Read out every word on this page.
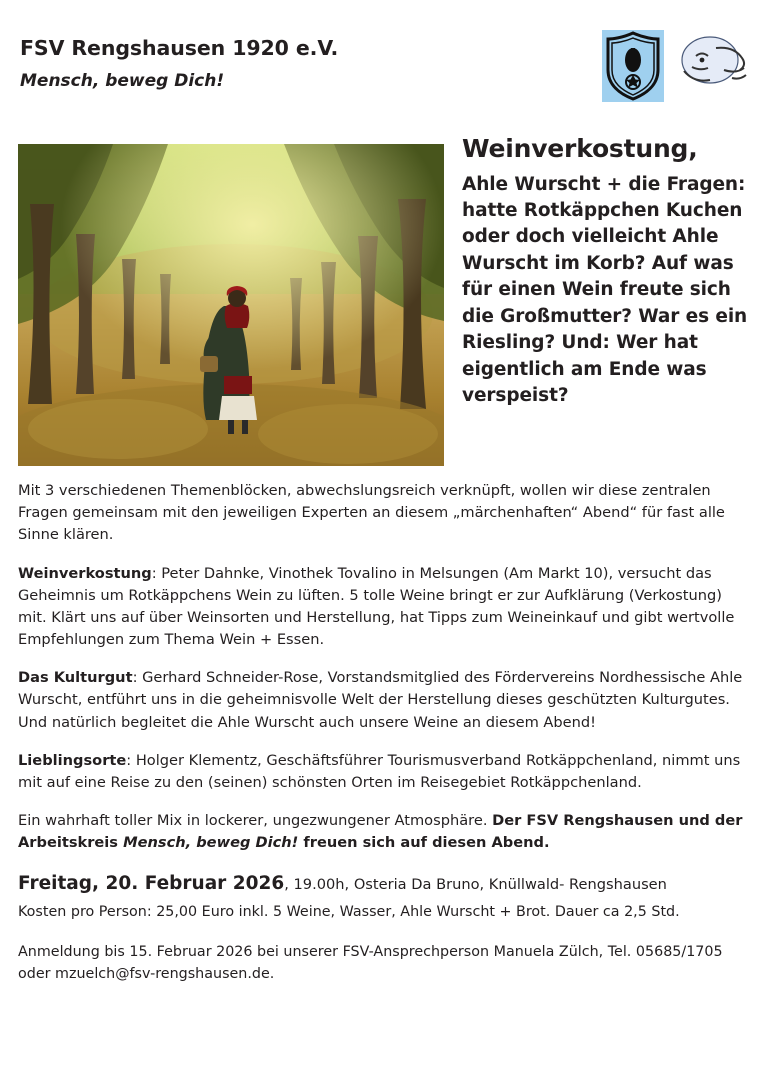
FSV Rengshausen 1920 e.V.
Mensch, beweg Dich!
Weinverkostung,
Ahle Wurscht + die Fragen: hatte Rotkäppchen Kuchen oder doch vielleicht Ahle Wurscht im Korb? Auf was für einen Wein freute sich die Großmutter? War es ein Riesling? Und: Wer hat eigentlich am Ende was verspeist?

Mit 3 verschiedenen Themenblöcken, abwechslungsreich verknüpft, wollen wir diese zentralen Fragen gemeinsam mit den jeweiligen Experten an diesem „märchenhaften“ Abend“ für fast alle Sinne klären.

Weinverkostung: Peter Dahnke, Vinothek Tovalino in Melsungen (Am Markt 10), versucht das Geheimnis um Rotkäppchens Wein zu lüften. 5 tolle Weine bringt er zur Aufklärung (Verkostung) mit. Klärt uns auf über Weinsorten und Herstellung, hat Tipps zum Weineinkauf und gibt wertvolle Empfehlungen zum Thema Wein + Essen.

Das Kulturgut: Gerhard Schneider-Rose, Vorstandsmitglied des Fördervereins Nordhessische Ahle Wurscht, entführt uns in die geheimnisvolle Welt der Herstellung dieses geschützten Kulturgutes. Und natürlich begleitet die Ahle Wurscht auch unsere Weine an diesem Abend!

Lieblingsorte: Holger Klementz, Geschäftsführer Tourismusverband Rotkäppchenland, nimmt uns mit auf eine Reise zu den (seinen) schönsten Orten im Reisegebiet Rotkäppchenland.

Ein wahrhaft toller Mix in lockerer, ungezwungener Atmosphäre. Der FSV Rengshausen und der Arbeitskreis Mensch, beweg Dich! freuen sich auf diesen Abend.

Freitag, 20. Februar 2026, 19.00h, Osteria Da Bruno, Knüllwald- Rengshausen

Kosten pro Person: 25,00 Euro inkl. 5 Weine, Wasser, Ahle Wurscht + Brot. Dauer ca 2,5 Std.

Anmeldung bis 15. Februar 2026 bei unserer FSV-Ansprechperson Manuela Zülch, Tel. 05685/1705 oder mzuelch@fsv-rengshausen.de.
